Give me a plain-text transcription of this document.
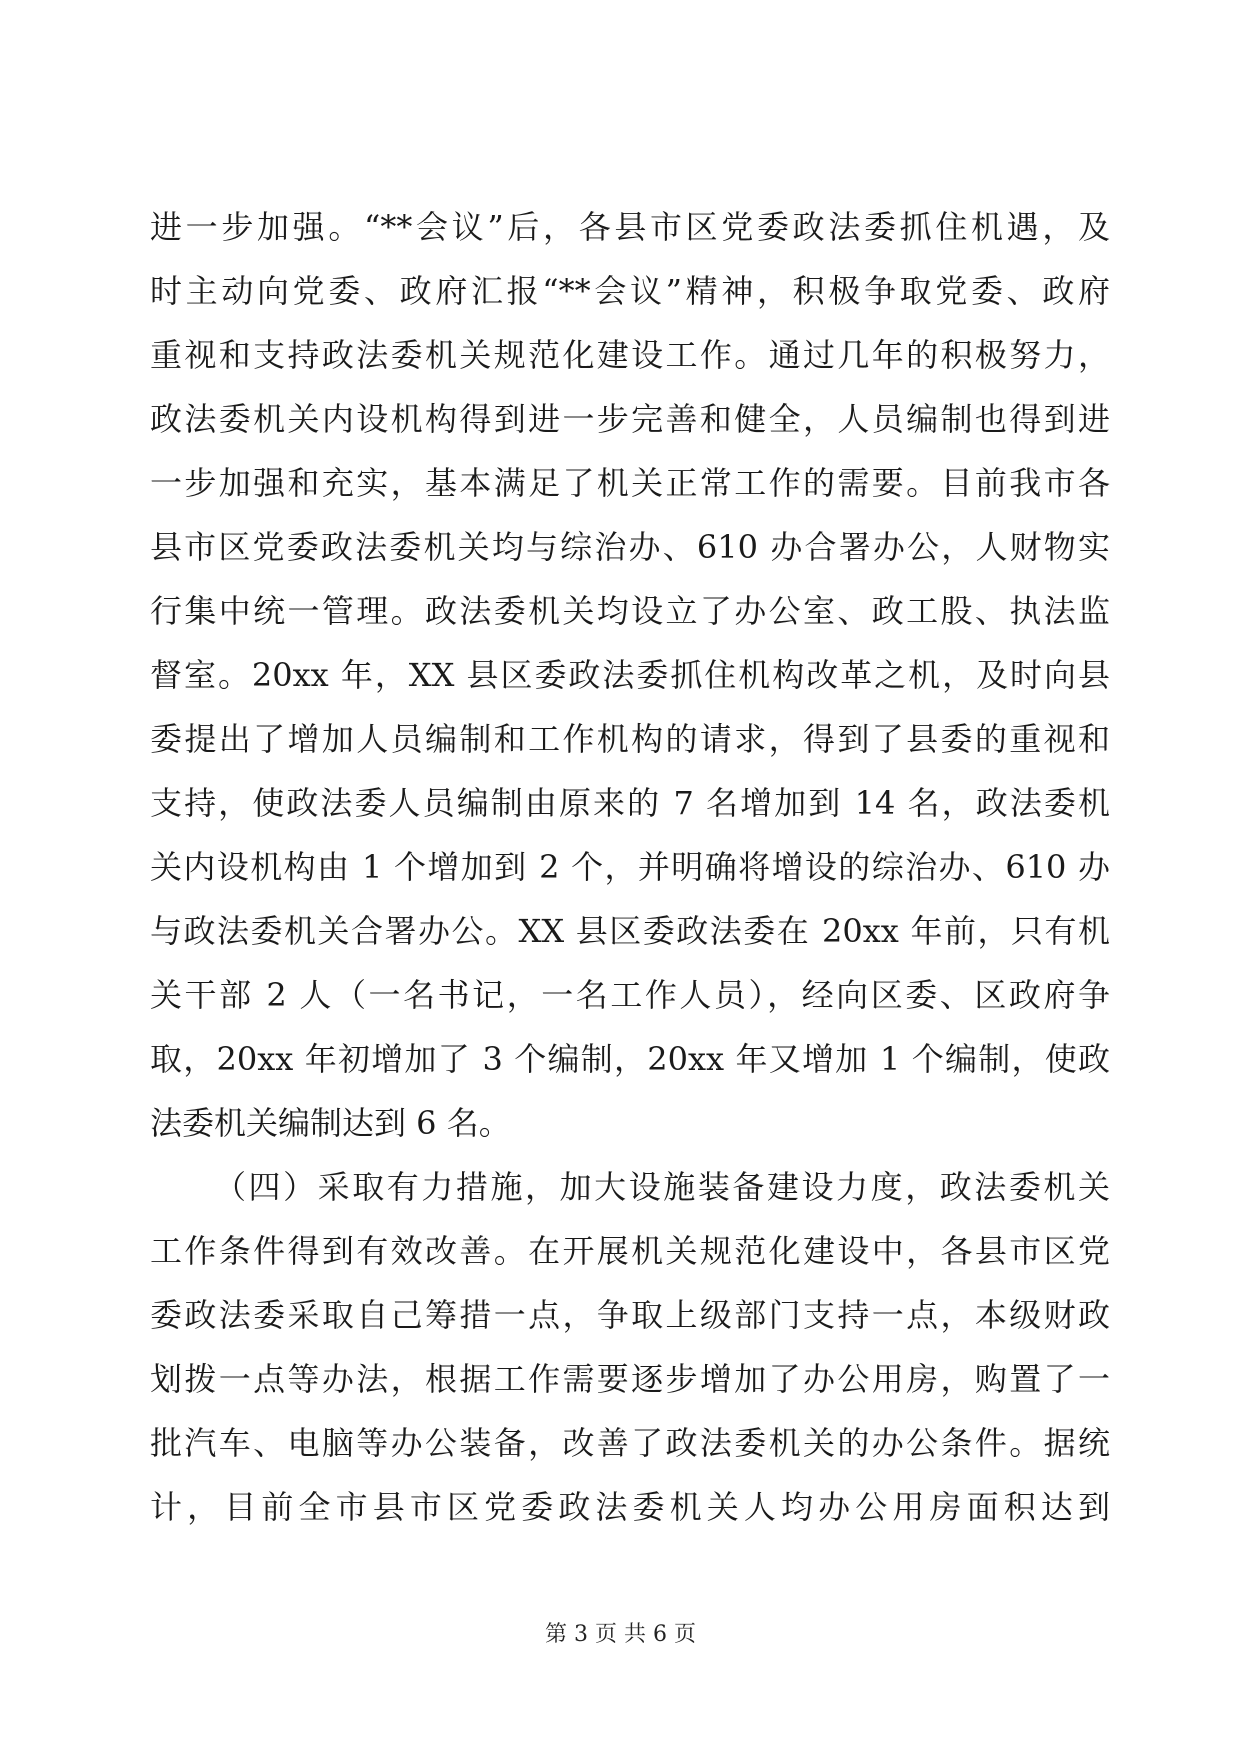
进一步加强。“**会议”后，各县市区党委政法委抓住机遇，及
时主动向党委、政府汇报“**会议”精神，积极争取党委、政府
重视和支持政法委机关规范化建设工作。通过几年的积极努力，
政法委机关内设机构得到进一步完善和健全，人员编制也得到进
一步加强和充实，基本满足了机关正常工作的需要。目前我市各
县市区党委政法委机关均与综治办、610 办合署办公，人财物实
行集中统一管理。政法委机关均设立了办公室、政工股、执法监
督室。20xx 年，XX 县区委政法委抓住机构改革之机，及时向县
委提出了增加人员编制和工作机构的请求，得到了县委的重视和
支持，使政法委人员编制由原来的 7 名增加到 14 名，政法委机
关内设机构由 1 个增加到 2 个，并明确将增设的综治办、610 办
与政法委机关合署办公。XX 县区委政法委在 20xx 年前，只有机
关干部 2 人（一名书记，一名工作人员），经向区委、区政府争
取，20xx 年初增加了 3 个编制，20xx 年又增加 1 个编制，使政
法委机关编制达到 6 名。
（四）采取有力措施，加大设施装备建设力度，政法委机关
工作条件得到有效改善。在开展机关规范化建设中，各县市区党
委政法委采取自己筹措一点，争取上级部门支持一点，本级财政
划拨一点等办法，根据工作需要逐步增加了办公用房，购置了一
批汽车、电脑等办公装备，改善了政法委机关的办公条件。据统
计，目前全市县市区党委政法委机关人均办公用房面积达到
第 3 页 共 6 页
